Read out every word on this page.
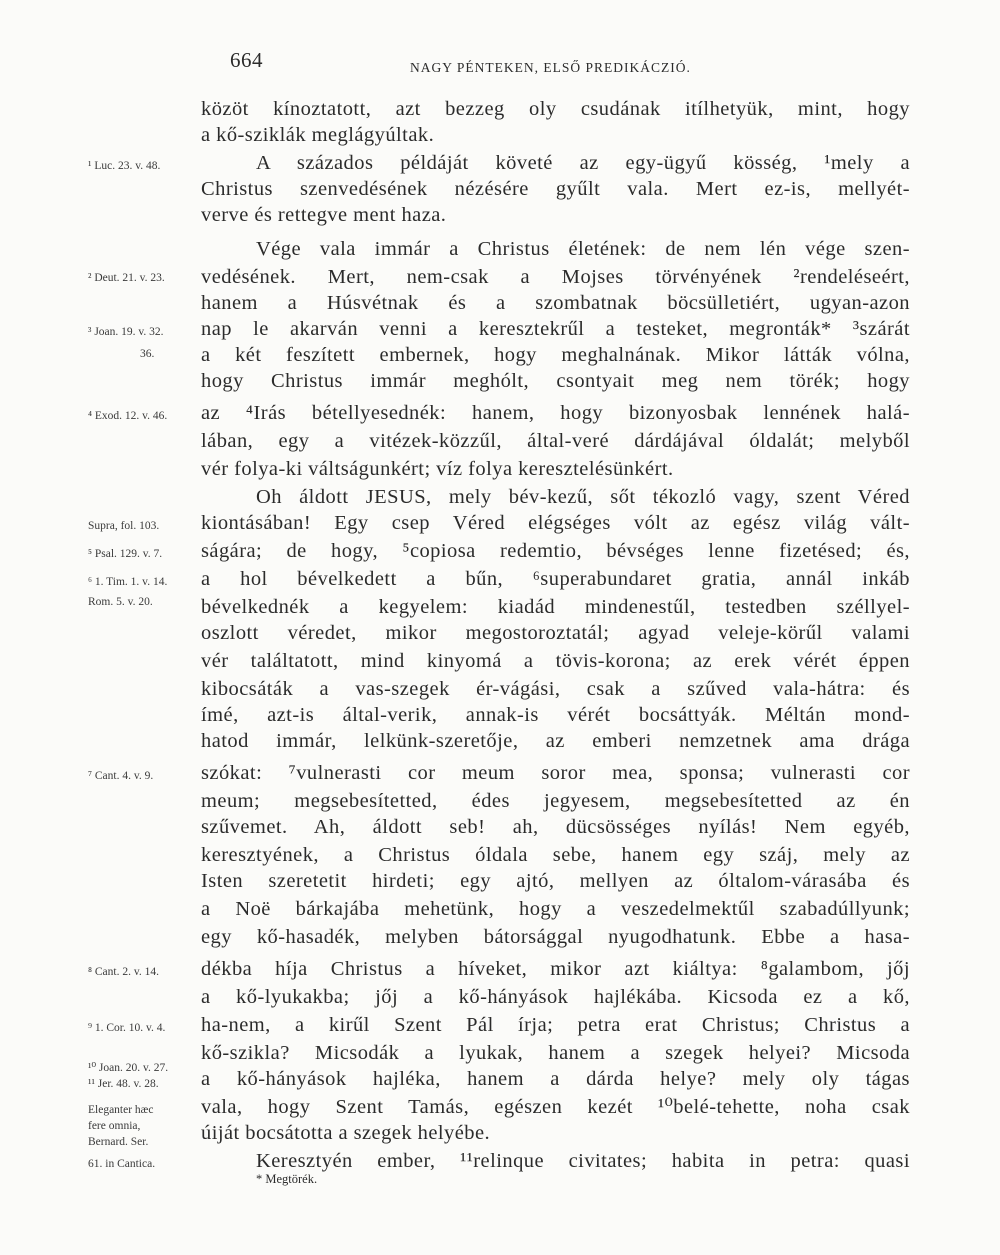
664	NAGY PÉNTEKEN, ELSŐ PREDIKÁCZIÓ.
közöt kínoztatott, azt bezzeg oly csudának itílhetyük, mint, hogy
a kő-sziklák meglágyúltak.
A százados példáját követé az egy-ügyű kösség, ¹mely a
Christus szenvedésének nézésére gyűlt vala. Mert ez-is, mellyét-
verve és rettegve ment haza.
Vége vala immár a Christus életének: de nem lén vége szen-
vedésének. Mert, nem-csak a Mojses törvényének ²rendeléseért,
hanem a Húsvétnak és a szombatnak böcsülletiért, ugyan-azon
nap le akarván venni a keresztekrűl a testeket, megronták* ³szárát
a két feszített embernek, hogy meghalnának. Mikor látták vólna,
hogy Christus immár meghólt, csontyait meg nem törék; hogy
az ⁴Irás bétellyesednék: hanem, hogy bizonyosbak lennének halá-
lában, egy a vitézek-közzűl, által-veré dárdájával óldalát; melyből
vér folya-ki váltságunkért; víz folya keresztelésünkért.
Oh áldott JESUS, mely bév-kezű, sőt tékozló vagy, szent Véred
kiontásában! Egy csep Véred elégséges vólt az egész világ vált-
ságára; de hogy, ⁵copiosa redemtio, bévséges lenne fizetésed; és,
a hol bévelkedett a bűn, ⁶superabundaret gratia, annál inkáb
bévelkednék a kegyelem: kiadád mindenestűl, testedben széllyel-
oszlott véredet, mikor megostoroztatál; agyad veleje-körűl valami
vér találtatott, mind kinyomá a tövis-korona; az erek vérét éppen
kibocsáták a vas-szegek ér-vágási, csak a szűved vala-hátra: és
ímé, azt-is által-verik, annak-is vérét bocsáttyák. Méltán mond-
hatod immár, lelkünk-szeretője, az emberi nemzetnek ama drága
szókat: ⁷vulnerasti cor meum soror mea, sponsa; vulnerasti cor
meum; megsebesítetted, édes jegyesem, megsebesítetted az én
szűvemet. Ah, áldott seb! ah, dücsösséges nyílás! Nem egyéb,
keresztyének, a Christus óldala sebe, hanem egy száj, mely az
Isten szeretetit hirdeti; egy ajtó, mellyen az óltalom-várasába és
a Noë bárkajába mehetünk, hogy a veszedelmektűl szabadúllyunk;
egy kő-hasadék, melyben bátorsággal nyugodhatunk. Ebbe a hasa-
dékba híja Christus a híveket, mikor azt kiáltya: ⁸galambom, jőj
a kő-lyukakba; jőj a kő-hányások hajlékába. Kicsoda ez a kő,
ha-nem, a kirűl Szent Pál írja; petra erat Christus; Christus a
kő-szikla? Micsodák a lyukak, hanem a szegek helyei? Micsoda
a kő-hányások hajléka, hanem a dárda helye? mely oly tágas
vala, hogy Szent Tamás, egészen kezét ¹⁰belé-tehette, noha csak
úiját bocsátotta a szegek helyébe.
Keresztyén ember, ¹¹relinque civitates; habita in petra: quasi
¹ Luc. 23. v. 48.
² Deut. 21. v. 23.
³ Joan. 19. v. 32.
36.
⁴ Exod. 12. v. 46.
Supra, fol. 103.
⁵ Psal. 129. v. 7.
⁶ 1. Tim. 1. v. 14.
Rom. 5. v. 20.
⁷ Cant. 4. v. 9.
⁸ Cant. 2. v. 14.
⁹ 1. Cor. 10. v. 4.
¹⁰ Joan. 20. v. 27.
¹¹ Jer. 48. v. 28.
Eleganter hæc
fere omnia,
Bernard. Ser.
61. in Cantica.
* Megtörék.
